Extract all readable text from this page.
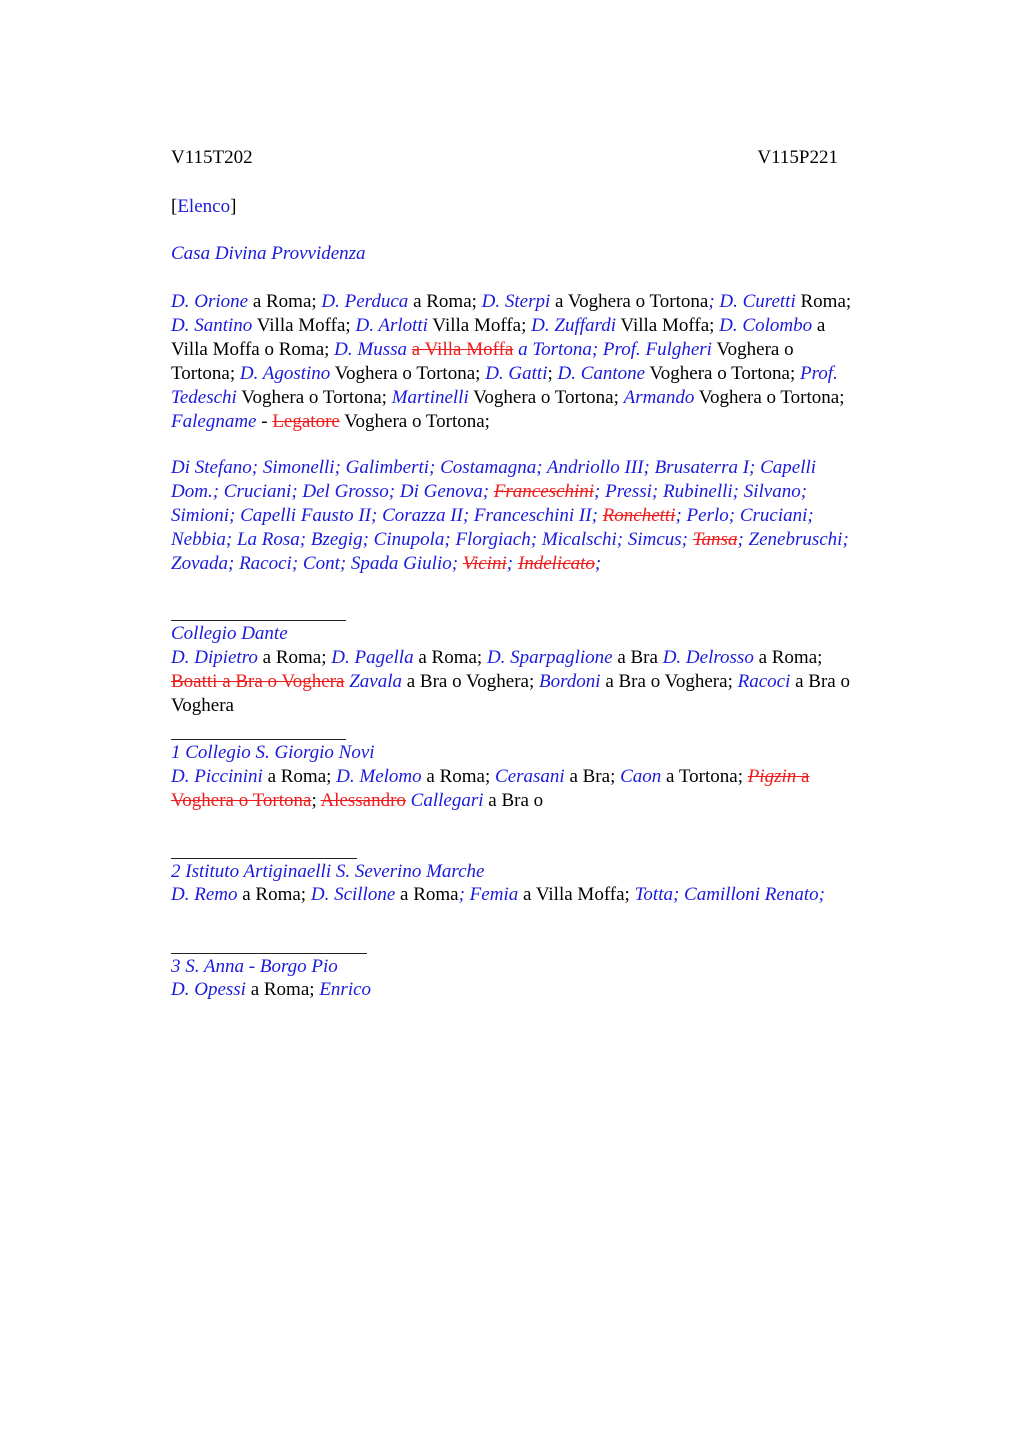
V115T202	V115P221

[Elenco]

Casa Divina Provvidenza

D. Orione a Roma; D. Perduca a Roma; D. Sterpi a Voghera o Tortona; D. Curetti Roma;
D. Santino Villa Moffa; D. Arlotti Villa Moffa; D. Zuffardi Villa Moffa; D. Colombo a
Villa Moffa o Roma; D. Mussa a Villa Moffa a Tortona; Prof. Fulgheri Voghera o
Tortona; D. Agostino Voghera o Tortona; D. Gatti; D. Cantone Voghera o Tortona; Prof.
Tedeschi Voghera o Tortona; Martinelli Voghera o Tortona; Armando Voghera o Tortona;
Falegname - Legatore Voghera o Tortona;

Di Stefano; Simonelli; Galimberti; Costamagna; Andriollo III; Brusaterra I; Capelli
Dom.; Cruciani; Del Grosso; Di Genova; Franceschini; Pressi; Rubinelli; Silvano;
Simioni; Capelli Fausto II; Corazza II; Franceschini II; Ronchetti; Perlo; Cruciani;
Nebbia; La Rosa; Bzegig; Cinupola; Florgiach; Micalschi; Simcus; Tansa; Zenebruschi;
Zovada; Racoci; Cont; Spada Giulio; Vicini; Indelicato;

Collegio Dante

D. Dipietro a Roma; D. Pagella a Roma; D. Sparpaglione a Bra D. Delrosso a Roma;
Boatti a Bra o Voghera Zavala a Bra o Voghera; Bordoni a Bra o Voghera; Racoci a Bra o
Voghera

1 Collegio S. Giorgio Novi

D. Piccinini a Roma; D. Melomo a Roma; Cerasani a Bra; Caon a Tortona; Pigzin a
Voghera o Tortona; Alessandro Callegari a Bra o

2 Istituto Artiginaelli S. Severino Marche

D. Remo a Roma; D. Scillone a Roma; Femia a Villa Moffa; Totta; Camilloni Renato;

3 S. Anna - Borgo Pio

D. Opessi a Roma; Enrico
